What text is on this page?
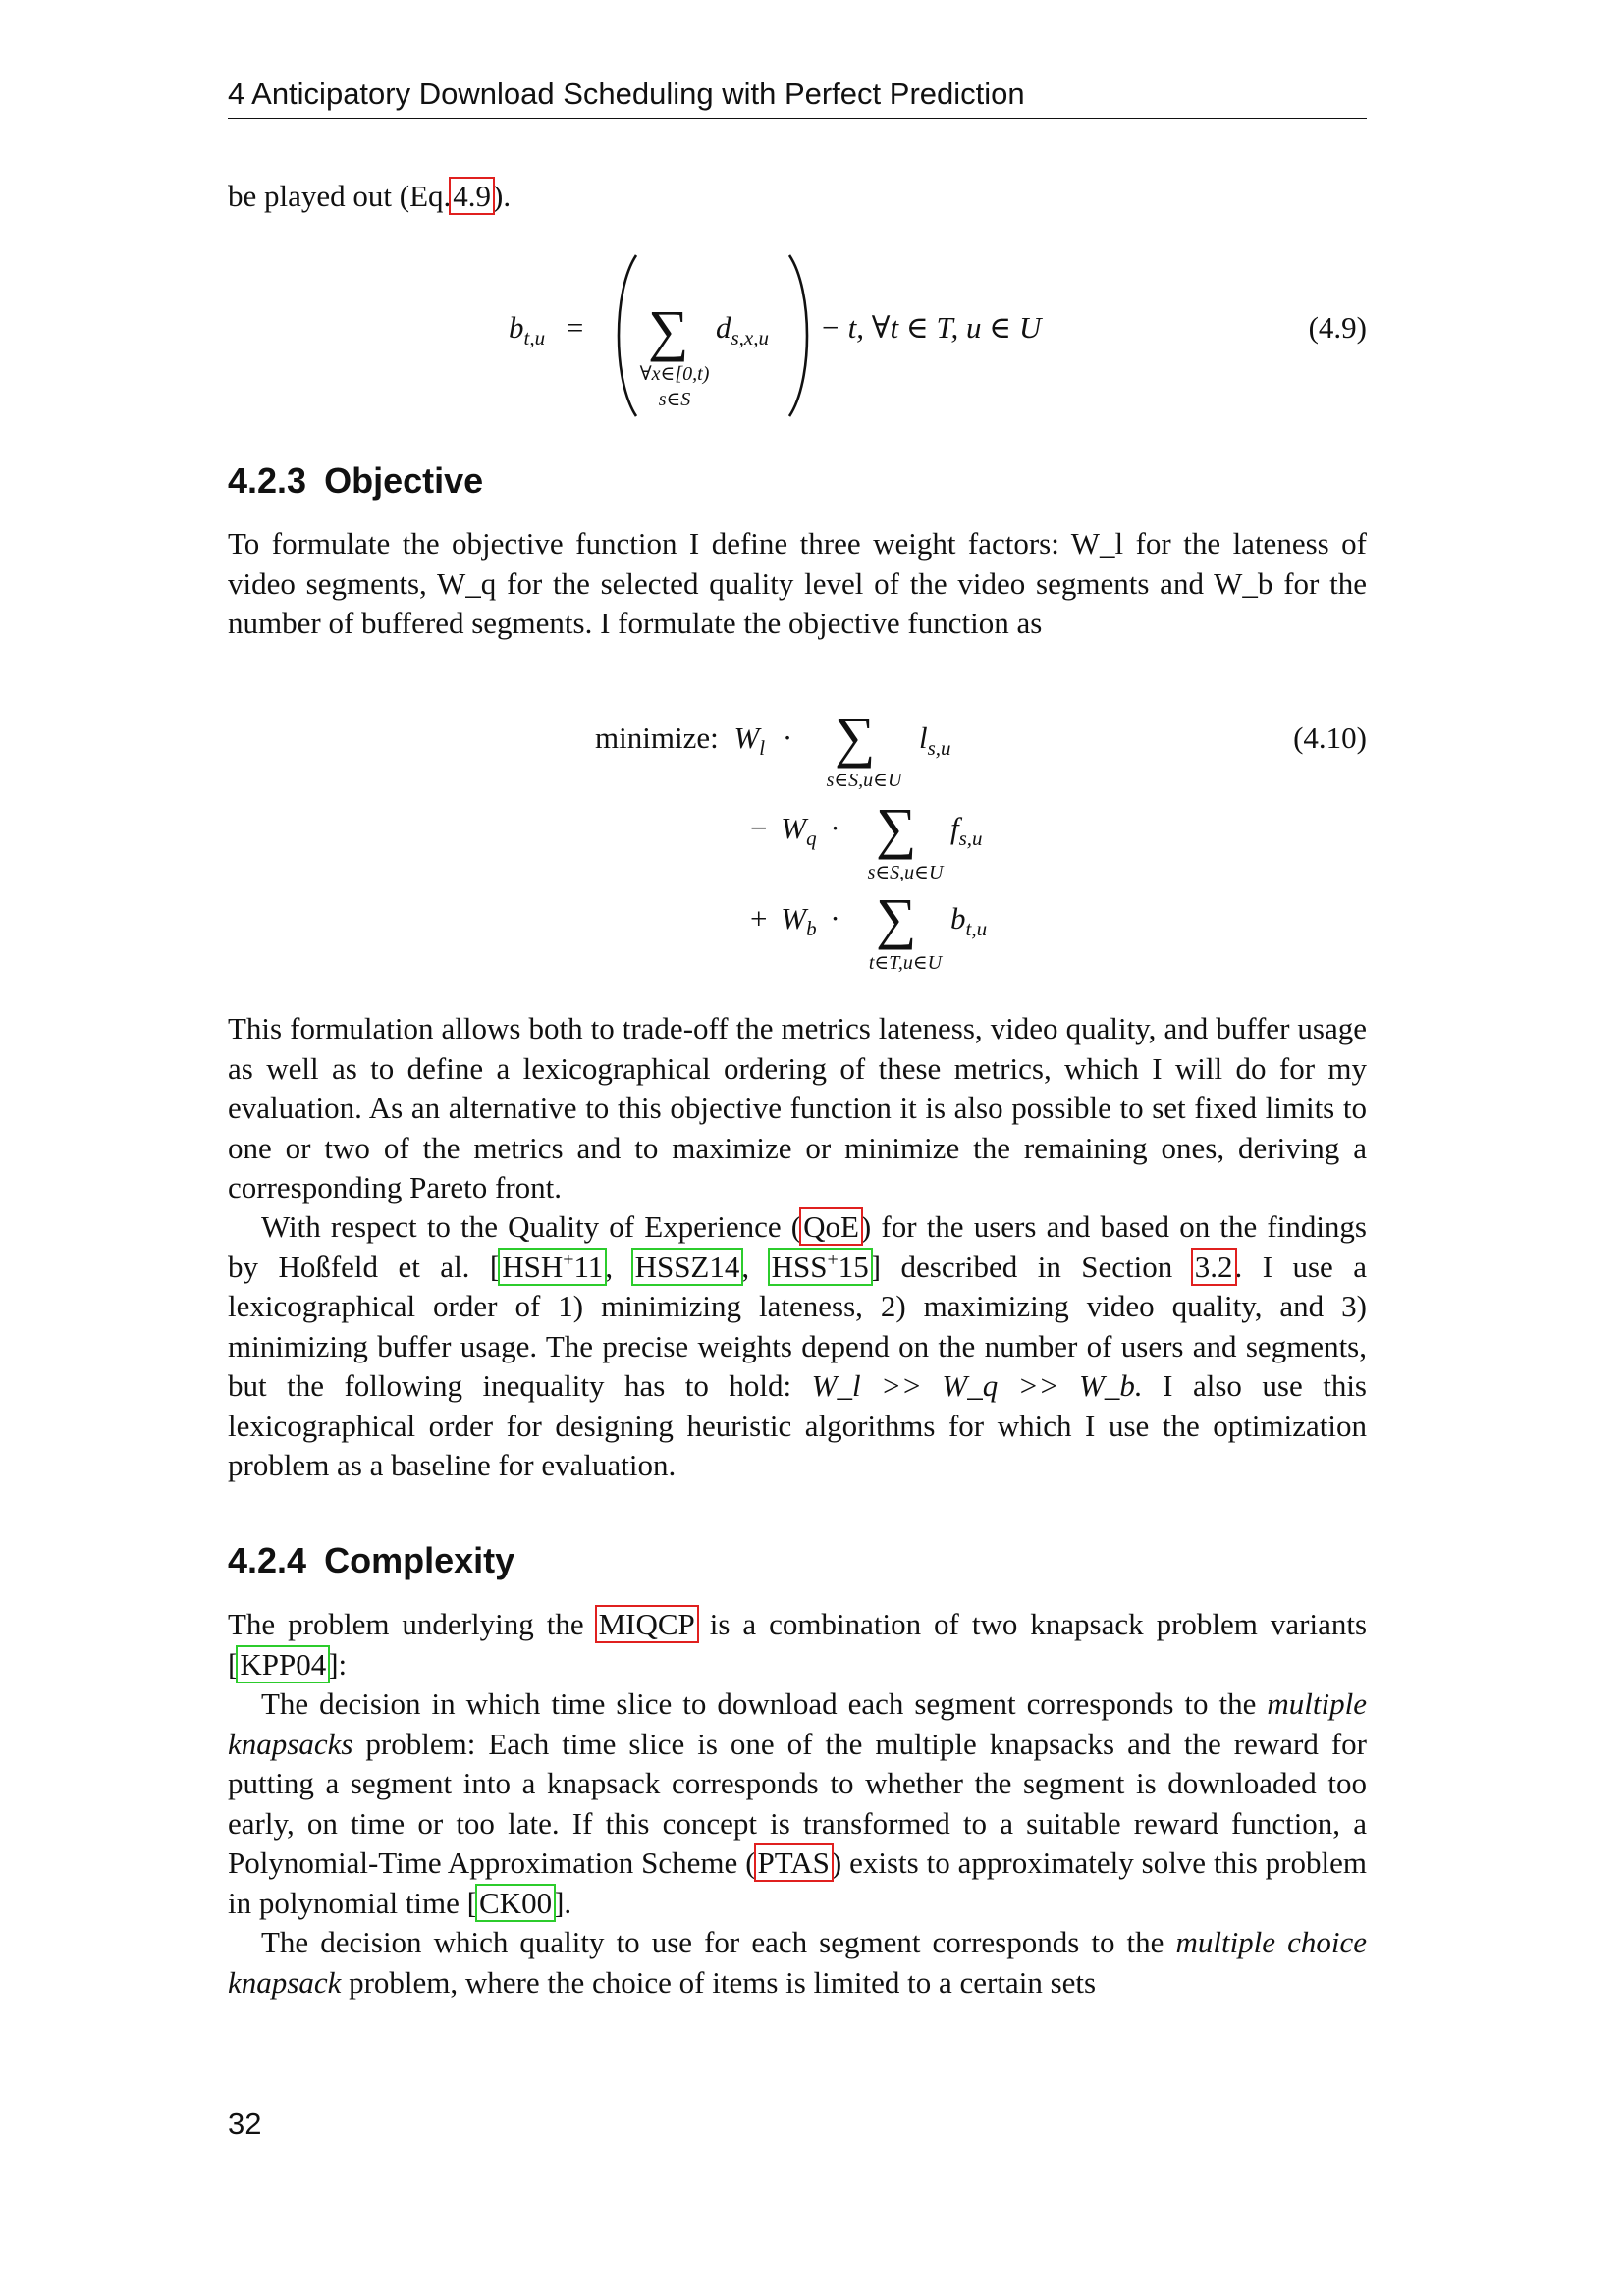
4 Anticipatory Download Scheduling with Perfect Prediction

be played out (Eq.4.9).

$b_{t,u}$ = ∑
∀x∈[0,t)
s∈S
$d_{s,x,u} - t$, ∀t ∈ T, u ∈ U	(4.9)
4.2.3 Objective

To formulate the objective function I define three weight factors: W_l for the lateness of video segments, W_q for the selected quality level of the video segments and W_b for the number of buffered segments. I formulate the objective function as

minimize: $W_l$ · ∑
s∈S,u∈U
$l_{s,u}$
− $W_q$ · ∑
s∈S,u∈U
$f_{s,u}$
+ $W_b$ · ∑
t∈T,u∈U
$b_{t,u}$
(4.10)

This formulation allows both to trade-off the metrics lateness, video quality, and buffer usage as well as to define a lexicographical ordering of these metrics, which I will do for my evaluation. As an alternative to this objective function it is also possible to set fixed limits to one or two of the metrics and to maximize or minimize the remaining ones, deriving a corresponding Pareto front.

With respect to the Quality of Experience (QoE) for the users and based on the findings by Hoßfeld et al. [HSH+11, HSSZ14, HSS+15] described in Section 3.2. I use a lexicographical order of 1) minimizing lateness, 2) maximizing video quality, and 3) minimizing buffer usage. The precise weights depend on the number of users and segments, but the following inequality has to hold: W_l >> W_q >> W_b. I also use this lexicographical order for designing heuristic algorithms for which I use the optimization problem as a baseline for evaluation.

4.2.4 Complexity

The problem underlying the MIQCP is a combination of two knapsack problem variants [KPP04]:

The decision in which time slice to download each segment corresponds to the multiple knapsacks problem: Each time slice is one of the multiple knapsacks and the reward for putting a segment into a knapsack corresponds to whether the segment is downloaded too early, on time or too late. If this concept is transformed to a suitable reward function, a Polynomial-Time Approximation Scheme (PTAS) exists to approximately solve this problem in polynomial time [CK00].

The decision which quality to use for each segment corresponds to the multiple choice knapsack problem, where the choice of items is limited to a certain sets

32
